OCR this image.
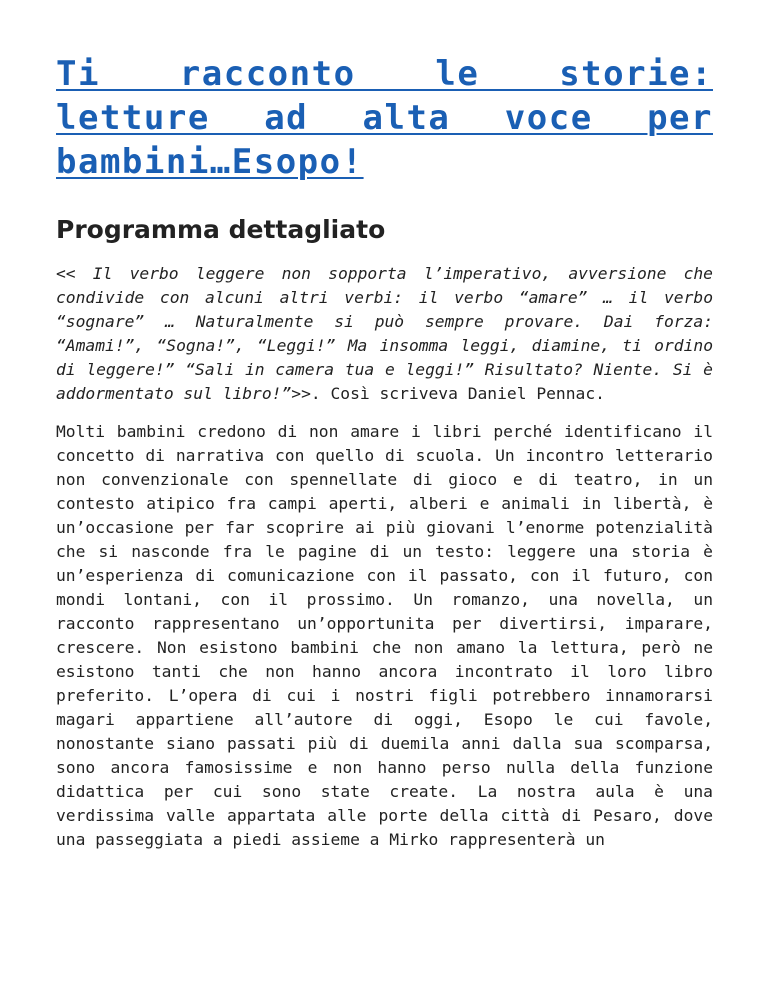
Ti racconto le storie: letture ad alta voce per bambini…Esopo!
Programma dettagliato

<< Il verbo leggere non sopporta l’imperativo, avversione che condivide con alcuni altri verbi: il verbo “amare” … il verbo “sognare” … Naturalmente si può sempre provare. Dai forza: “Amami!”, “Sogna!”, “Leggi!” Ma insomma leggi, diamine, ti ordino di leggere!” “Sali in camera tua e leggi!” Risultato? Niente. Si è addormentato sul libro!”>>. Così scriveva Daniel Pennac.

Molti bambini credono di non amare i libri perché identificano il concetto di narrativa con quello di scuola. Un incontro letterario non convenzionale con spennellate di gioco e di teatro, in un contesto atipico fra campi aperti, alberi e animali in libertà, è un’occasione per far scoprire ai più giovani l’enorme potenzialità che si nasconde fra le pagine di un testo: leggere una storia è un’esperienza di comunicazione con il passato, con il futuro, con mondi lontani, con il prossimo. Un romanzo, una novella, un racconto rappresentano un’opportunita per divertirsi, imparare, crescere. Non esistono bambini che non amano la lettura, però ne esistono tanti che non hanno ancora incontrato il loro libro preferito. L’opera di cui i nostri figli potrebbero innamorarsi magari appartiene all’autore di oggi, Esopo le cui favole, nonostante siano passati più di duemila anni dalla sua scomparsa, sono ancora famosissime e non hanno perso nulla della funzione didattica per cui sono state create. La nostra aula è una verdissima valle appartata alle porte della città di Pesaro, dove una passeggiata a piedi assieme a Mirko rappresenterà un
